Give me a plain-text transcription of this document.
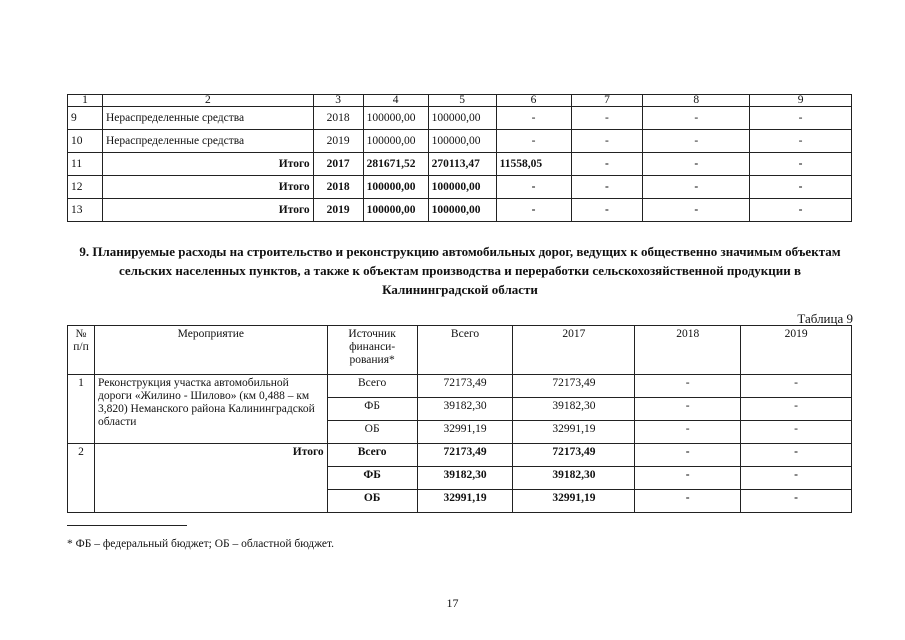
1	2	3	4	5	6	7	8	9
9	Нераспределенные средства	2018	100000,00	100000,00	-	-	-	-
10	Нераспределенные средства	2019	100000,00	100000,00	-	-	-	-
11	Итого	2017	281671,52	270113,47	11558,05	-	-	-
12	Итого	2018	100000,00	100000,00	-	-	-	-
13	Итого	2019	100000,00	100000,00	-	-	-	-
9. Планируемые расходы на строительство и реконструкцию автомобильных дорог, ведущих к общественно значимым объектам сельских населенных пунктов, а также к объектам производства и переработки сельскохозяйственной продукции в Калининградской области
Таблица 9
№ п/п	Мероприятие	Источник финанси-рования*	Всего	2017	2018	2019
1	Реконструкция участка автомобильной дороги «Жилино - Шилово» (км 0,488 – км 3,820) Неманского района Калининградской области	Всего	72173,49	72173,49	-	-
		ФБ	39182,30	39182,30	-	-
		ОБ	32991,19	32991,19	-	-
2	Итого	Всего	72173,49	72173,49	-	-
		ФБ	39182,30	39182,30	-	-
		ОБ	32991,19	32991,19	-	-
* ФБ – федеральный бюджет; ОБ – областной бюджет.
17
